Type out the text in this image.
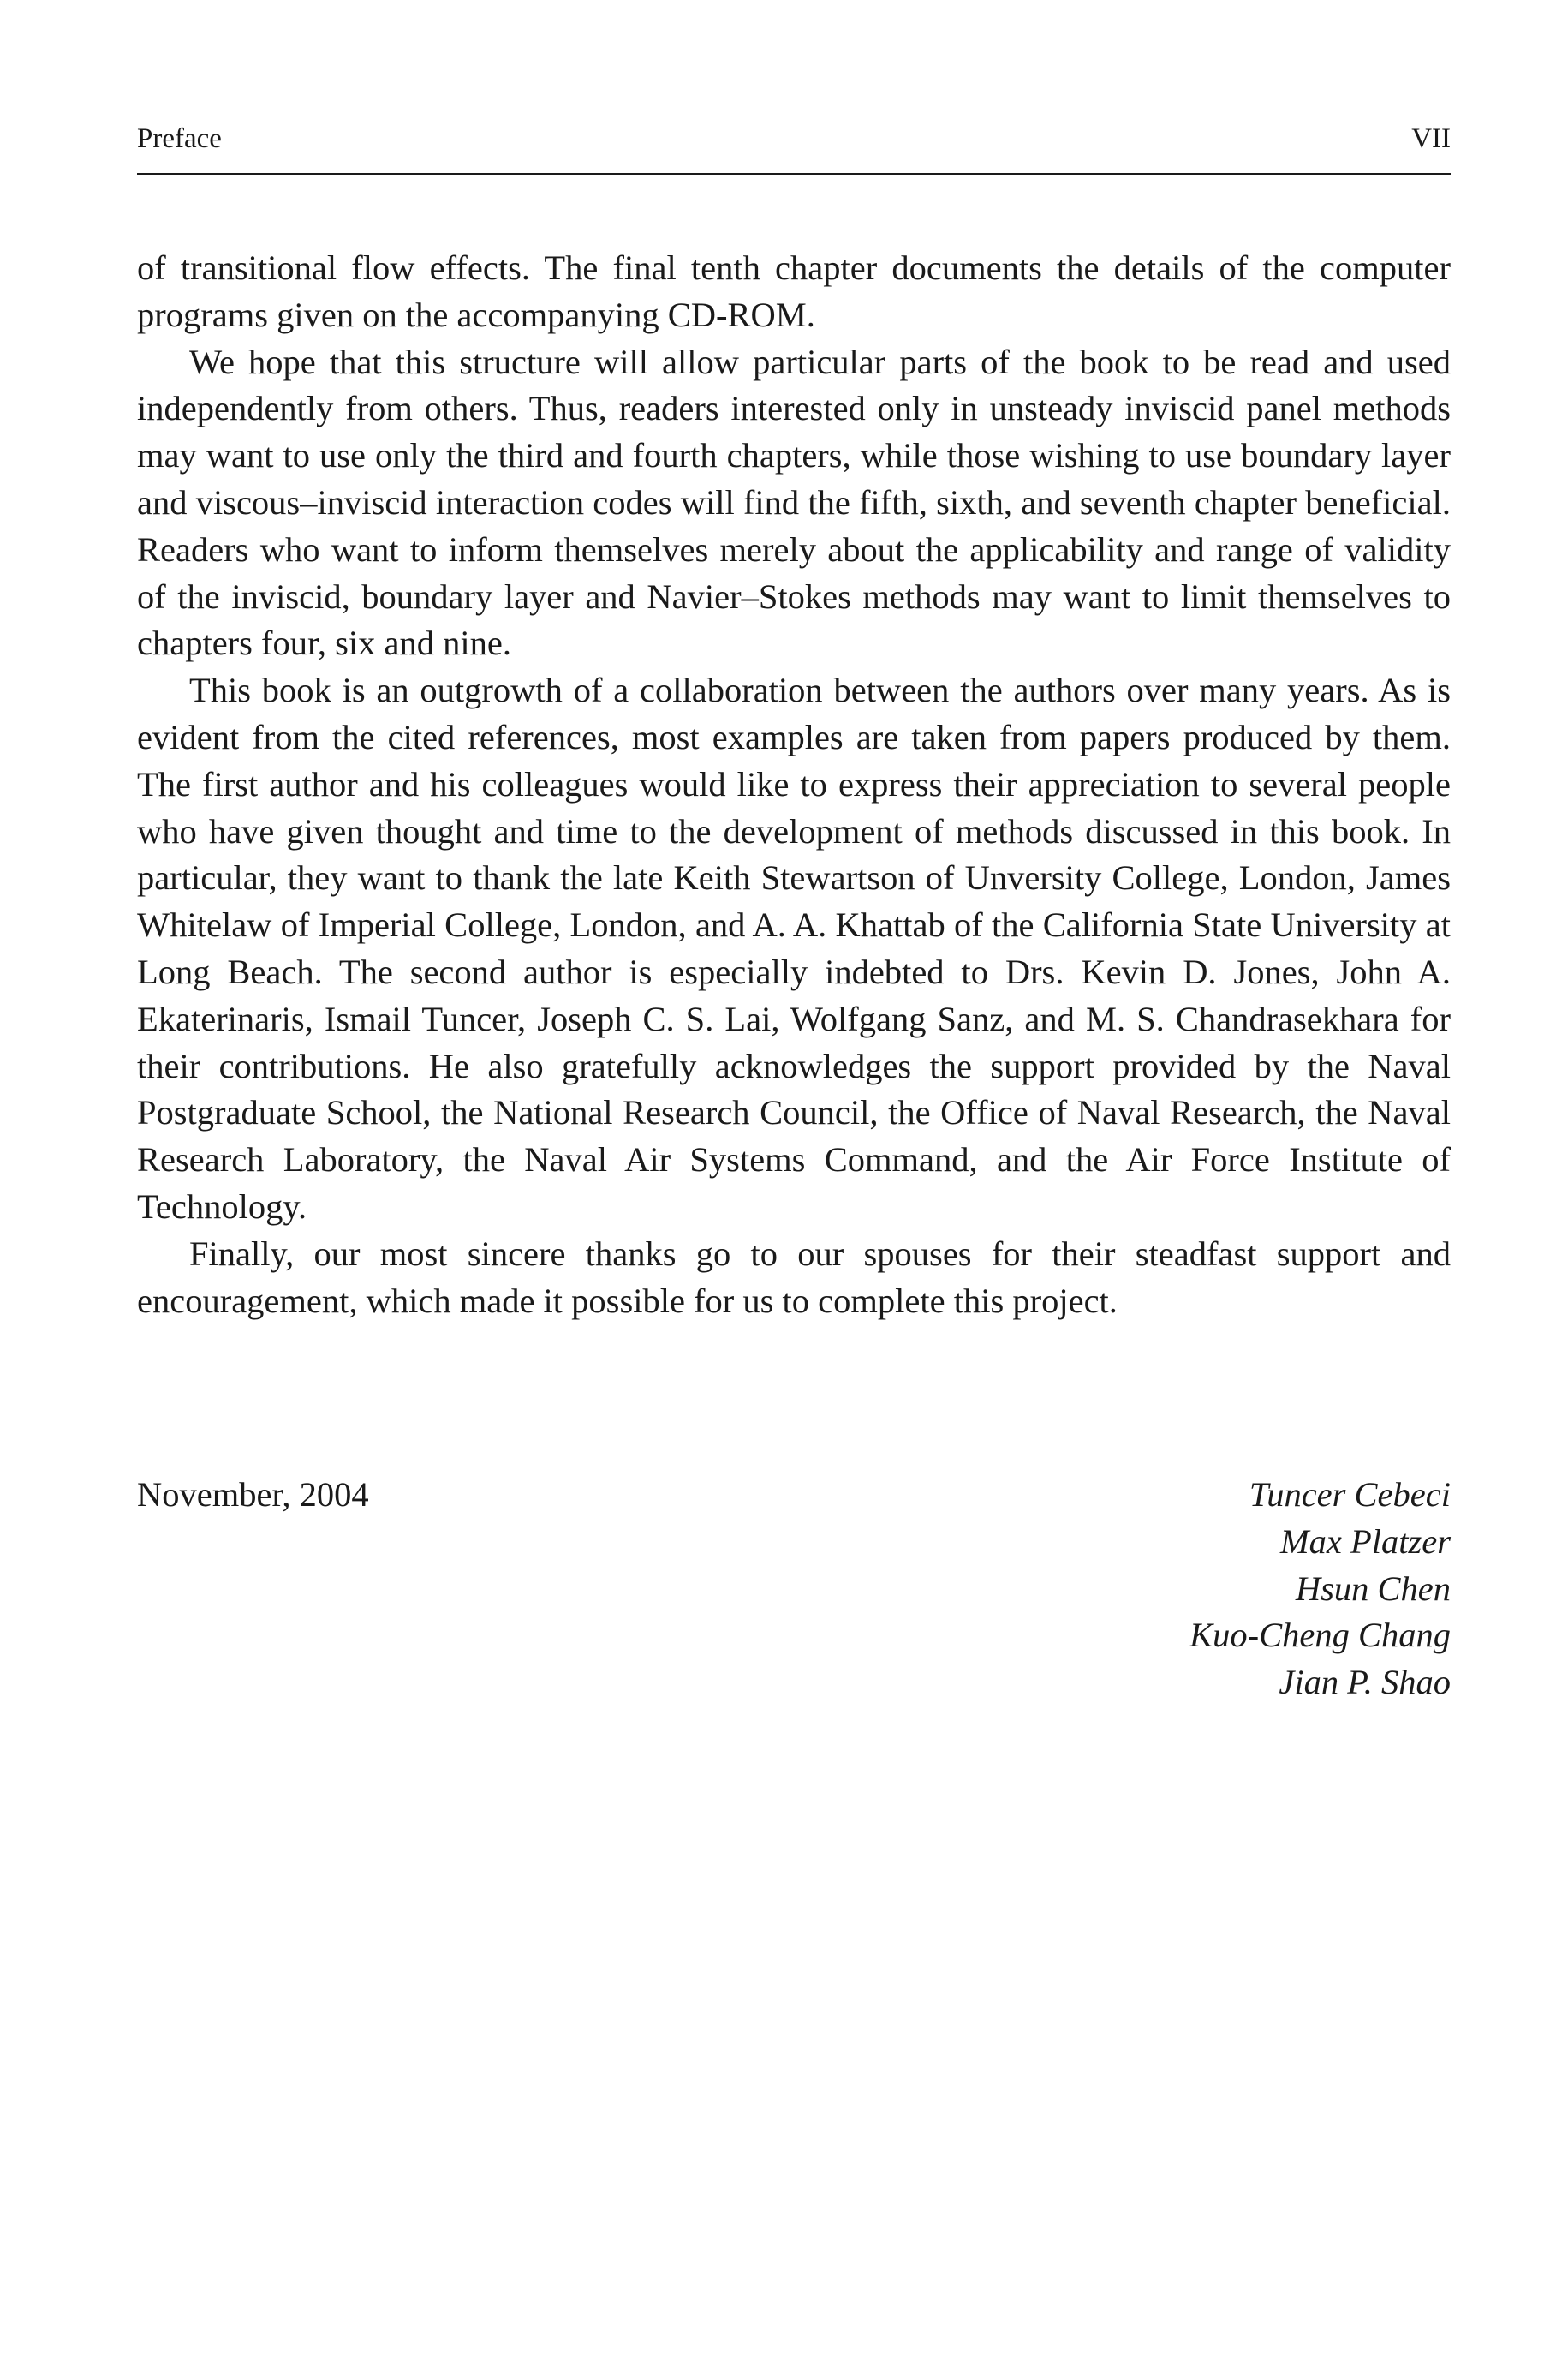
Preface	VII

of transitional flow effects. The final tenth chapter documents the details of the computer programs given on the accompanying CD-ROM.

We hope that this structure will allow particular parts of the book to be read and used independently from others. Thus, readers interested only in unsteady inviscid panel methods may want to use only the third and fourth chapters, while those wishing to use boundary layer and viscous–inviscid interaction codes will find the fifth, sixth, and seventh chapter beneficial. Readers who want to inform themselves merely about the applicability and range of validity of the inviscid, boundary layer and Navier–Stokes methods may want to limit themselves to chapters four, six and nine.

This book is an outgrowth of a collaboration between the authors over many years. As is evident from the cited references, most examples are taken from papers produced by them. The first author and his colleagues would like to express their appreciation to several people who have given thought and time to the development of methods discussed in this book. In particular, they want to thank the late Keith Stewartson of Unversity College, London, James Whitelaw of Imperial College, London, and A. A. Khattab of the California State University at Long Beach. The second author is especially indebted to Drs. Kevin D. Jones, John A. Ekaterinaris, Ismail Tuncer, Joseph C. S. Lai, Wolfgang Sanz, and M. S. Chandrasekhara for their contributions. He also gratefully acknowledges the support provided by the Naval Postgraduate School, the National Research Council, the Office of Naval Research, the Naval Research Laboratory, the Naval Air Systems Command, and the Air Force Institute of Technology.

Finally, our most sincere thanks go to our spouses for their steadfast support and encouragement, which made it possible for us to complete this project.

November, 2004	Tuncer Cebeci
Max Platzer
Hsun Chen
Kuo-Cheng Chang
Jian P. Shao
